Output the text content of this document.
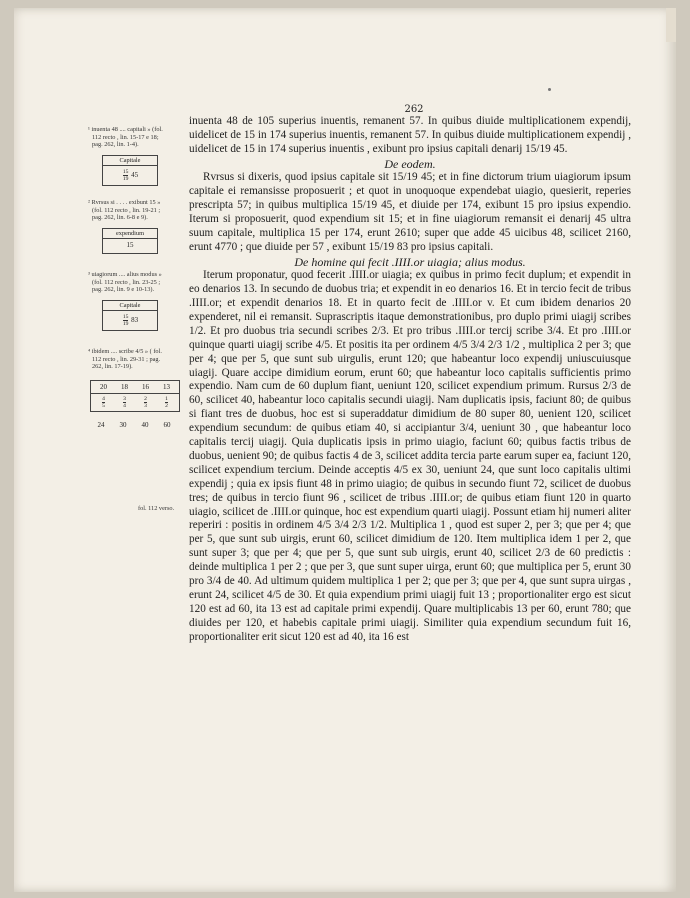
262

¹ inuenta 48 .... capitali » (fol.

112 recto , lin. 15-17 e 18;

pag. 262, lin. 1-4).

Capitale
$\frac{15}{19} 45$

² Rvrsus si . . . . exibunt 15 »

(fol. 112 recto , lin. 19-21 ;

pag. 262, lin. 6-8 e 9).

expendium
15

³ uiagiorum .... alius modus »

(fol. 112 recto , lin. 23-25 ;

pag. 262, lin. 9 e 10-13).

Capitale
$\frac{15}{19} 83$

⁴ ibidem .... scribe 4/5 » ( fol.

112 recto , lin. 29-31 ; pag.

262, lin. 17-19).

20 18 16 13
$\frac{4}{5}$	$\frac{3}{4}$	$\frac{2}{3}$	$\frac{1}{2}$
24 30 40 60
fol. 112 verso.

inuenta 48 de 105 superius inuentis, remanent 57. In quibus diuide multiplicationem expendij, uidelicet de 15 in 174 superius inuentis, remanent 57. In quibus diuide multiplicationem expendij , uidelicet de 15 in 174 superius inuentis , exibunt pro ipsius capitali denarij 15/19 45.

De eodem.

Rvrsus si dixeris, quod ipsius capitale sit 15/19 45; et in fine dictorum trium uiagiorum ipsum capitale ei remansisse proposuerit ; et quot in unoquoque expendebat uiagio, quesierit, reperies prescripta 57; in quibus multiplica 15/19 45, et diuide per 174, exibunt 15 pro ipsius expendio. Iterum si proposuerit, quod expendium sit 15; et in fine uiagiorum remansit ei denarij 45 ultra suum capitale, multiplica 15 per 174, erunt 2610; super que adde 45 uicibus 48, scilicet 2160, erunt 4770 ; que diuide per 57 , exibunt 15/19 83 pro ipsius capitali.

De homine qui fecit .IIII.or uiagia; alius modus.

Iterum proponatur, quod fecerit .IIII.or uiagia; ex quibus in primo fecit duplum; et expendit in eo denarios 13. In secundo de duobus tria; et expendit in eo denarios 16. Et in tercio fecit de tribus .IIII.or; et expendit denarios 18. Et in quarto fecit de .IIII.or v. Et cum ibidem denarios 20 expenderet, nil ei remansit. Suprascriptis itaque demonstrationibus, pro duplo primi uiagij scribes 1/2. Et pro duobus tria secundi scribes 2/3. Et pro tribus .IIII.or tercij scribe 3/4. Et pro .IIII.or quinque quarti uiagij scribe 4/5. Et positis ita per ordinem 4/5 3/4 2/3 1/2 , multiplica 2 per 3; que per 4; que per 5, que sunt sub uirgulis, erunt 120; que habeantur loco expendij uniuscuiusque uiagij. Quare accipe dimidium eorum, erunt 60; que habeantur loco capitalis sufficientis primo expendio. Nam cum de 60 duplum fiant, ueniunt 120, scilicet expendium primum. Rursus 2/3 de 60, scilicet 40, habeantur loco capitalis secundi uiagij. Nam duplicatis ipsis, faciunt 80; de quibus si fiant tres de duobus, hoc est si superaddatur dimidium de 80 super 80, uenient 120, scilicet expendium secundum: de quibus etiam 40, si accipiantur 3/4, ueniunt 30 , que habeantur loco capitalis tercij uiagij. Quia duplicatis ipsis in primo uiagio, faciunt 60; quibus factis tribus de duobus, uenient 90; de quibus factis 4 de 3, scilicet addita tercia parte earum super ea, faciunt 120, scilicet expendium tercium. Deinde acceptis 4/5 ex 30, ueniunt 24, que sunt loco capitalis ultimi expendij ; quia ex ipsis fiunt 48 in primo uiagio; de quibus in secundo fiunt 72, scilicet de duobus tres; de quibus in tercio fiunt 96 , scilicet de tribus .IIII.or; de quibus etiam fiunt 120 in quarto uiagio, scilicet de .IIII.or quinque, hoc est expendium quarti uiagij. Possunt etiam hij numeri aliter reperiri : positis in ordinem 4/5 3/4 2/3 1/2. Multiplica 1 , quod est super 2, per 3; que per 4; que per 5, que sunt sub uirgis, erunt 60, scilicet dimidium de 120. Item multiplica idem 1 per 2, que sunt super 3; que per 4; que per 5, que sunt sub uirgis, erunt 40, scilicet 2/3 de 60 predictis : deinde multiplica 1 per 2 ; que per 3, que sunt super uirga, erunt 60; que multiplica per 5, erunt 30 pro 3/4 de 40. Ad ultimum quidem multiplica 1 per 2; que per 3; que per 4, que sunt supra uirgas , erunt 24, scilicet 4/5 de 30. Et quia expendium primi uiagij fuit 13 ; proportionaliter ergo est sicut 120 est ad 60, ita 13 est ad capitale primi expendij. Quare multiplicabis 13 per 60, erunt 780; que diuides per 120, et habebis capitale primi uiagij. Similiter quia expendium secundum fuit 16, proportionaliter erit sicut 120 est ad 40, ita 16 est
